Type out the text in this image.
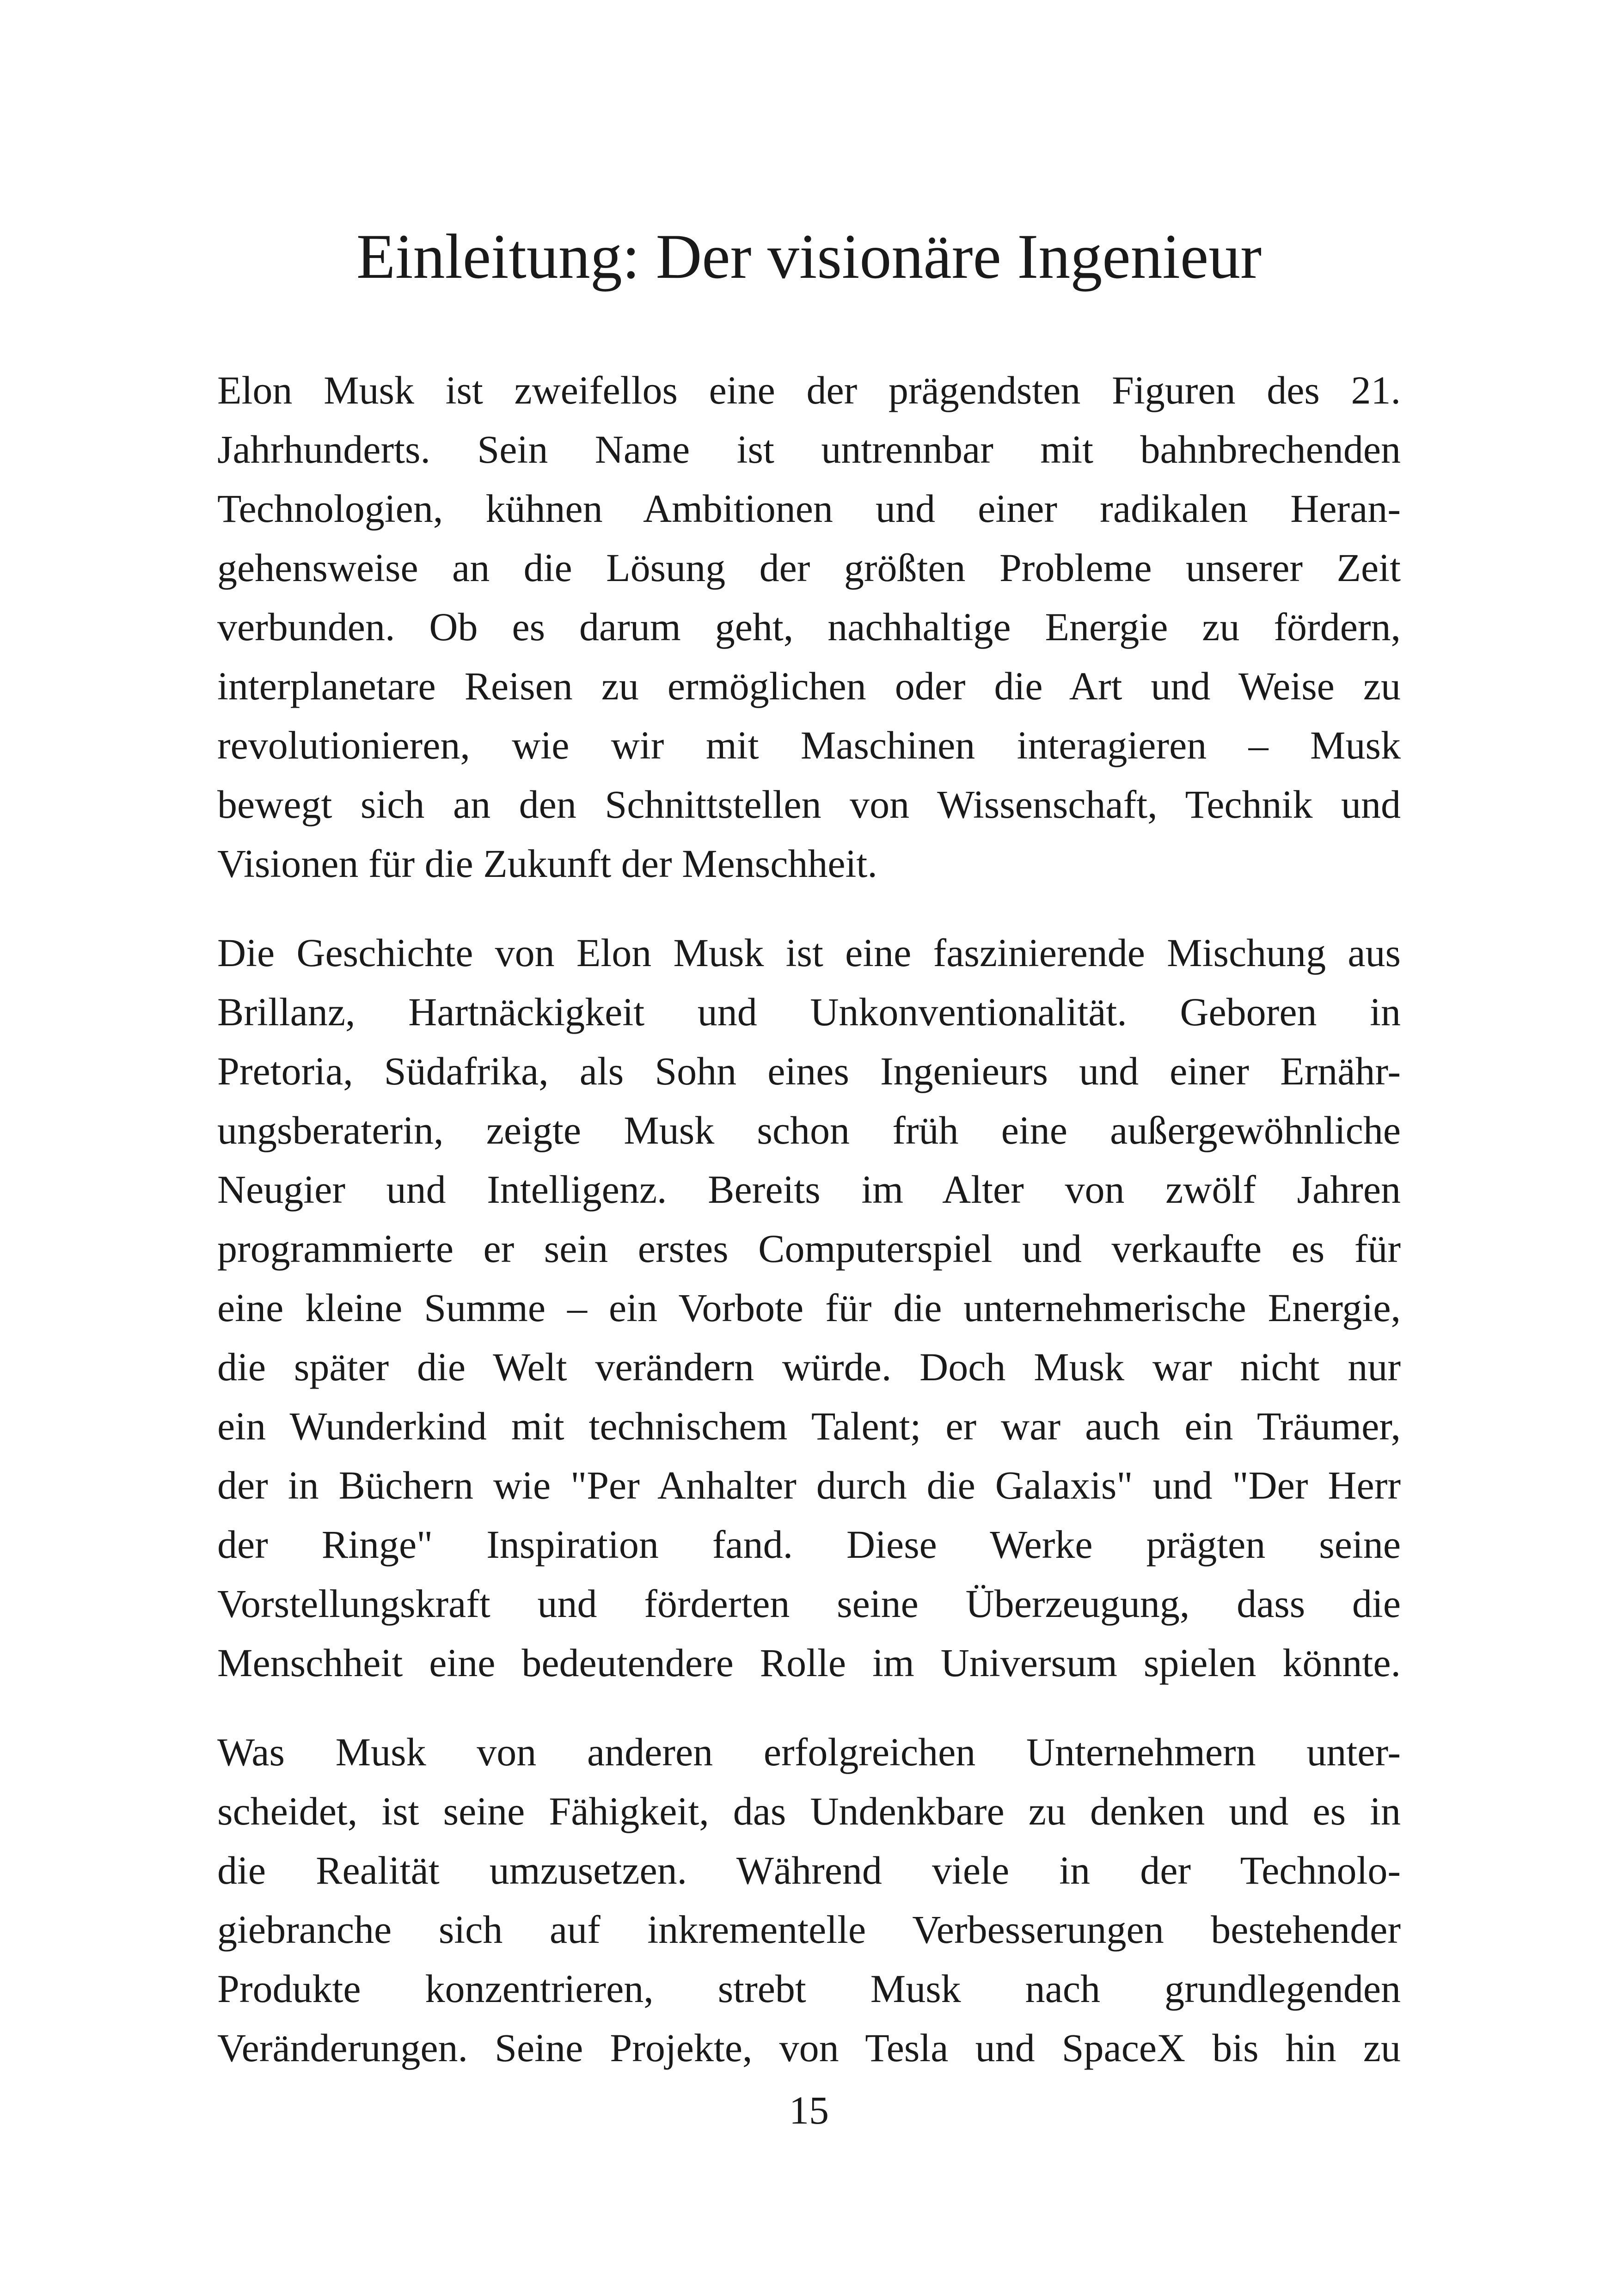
Einleitung: Der visionäre Ingenieur
Elon Musk ist zweifellos eine der prägendsten Figuren des 21.
Jahrhunderts. Sein Name ist untrennbar mit bahnbrechenden
Technologien, kühnen Ambitionen und einer radikalen Heran-
gehensweise an die Lösung der größten Probleme unserer Zeit
verbunden. Ob es darum geht, nachhaltige Energie zu fördern,
interplanetare Reisen zu ermöglichen oder die Art und Weise zu
revolutionieren, wie wir mit Maschinen interagieren – Musk
bewegt sich an den Schnittstellen von Wissenschaft, Technik und
Visionen für die Zukunft der Menschheit.
Die Geschichte von Elon Musk ist eine faszinierende Mischung aus
Brillanz, Hartnäckigkeit und Unkonventionalität. Geboren in
Pretoria, Südafrika, als Sohn eines Ingenieurs und einer Ernähr-
ungsberaterin, zeigte Musk schon früh eine außergewöhnliche
Neugier und Intelligenz. Bereits im Alter von zwölf Jahren
programmierte er sein erstes Computerspiel und verkaufte es für
eine kleine Summe – ein Vorbote für die unternehmerische Energie,
die später die Welt verändern würde. Doch Musk war nicht nur
ein Wunderkind mit technischem Talent; er war auch ein Träumer,
der in Büchern wie "Per Anhalter durch die Galaxis" und "Der Herr
der Ringe" Inspiration fand. Diese Werke prägten seine
Vorstellungskraft und förderten seine Überzeugung, dass die
Menschheit eine bedeutendere Rolle im Universum spielen könnte.
Was Musk von anderen erfolgreichen Unternehmern unter-
scheidet, ist seine Fähigkeit, das Undenkbare zu denken und es in
die Realität umzusetzen. Während viele in der Technolo-
giebranche sich auf inkrementelle Verbesserungen bestehender
Produkte konzentrieren, strebt Musk nach grundlegenden
Veränderungen. Seine Projekte, von Tesla und SpaceX bis hin zu
15
